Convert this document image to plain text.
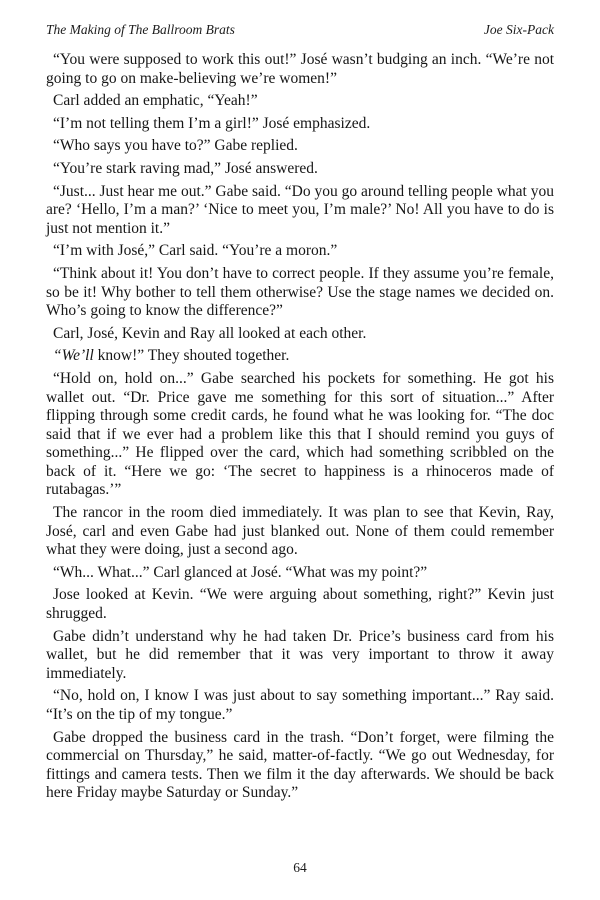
The Making of The Ballroom Brats	Joe Six-Pack

“You were supposed to work this out!” José wasn’t budging an inch. “We’re not going to go on make-believing we’re women!”

Carl added an emphatic, “Yeah!”

“I’m not telling them I’m a girl!” José emphasized.

“Who says you have to?” Gabe replied.

“You’re stark raving mad,” José answered.

“Just... Just hear me out.” Gabe said. “Do you go around telling people what you are? ‘Hello, I’m a man?’ ‘Nice to meet you, I’m male?’ No! All you have to do is just not mention it.”

“I’m with José,” Carl said. “You’re a moron.”

“Think about it! You don’t have to correct people. If they assume you’re female, so be it! Why bother to tell them otherwise? Use the stage names we decided on. Who’s going to know the difference?”

Carl, José, Kevin and Ray all looked at each other.

“We’ll know!” They shouted together.

“Hold on, hold on...” Gabe searched his pockets for something. He got his wallet out. “Dr. Price gave me something for this sort of situation...” After flipping through some credit cards, he found what he was looking for. “The doc said that if we ever had a problem like this that I should remind you guys of something...” He flipped over the card, which had something scribbled on the back of it. “Here we go: ‘The secret to happiness is a rhinoceros made of rutabagas.’”

The rancor in the room died immediately. It was plan to see that Kevin, Ray, José, carl and even Gabe had just blanked out. None of them could remember what they were doing, just a second ago.

“Wh... What...” Carl glanced at José. “What was my point?”

Jose looked at Kevin. “We were arguing about something, right?” Kevin just shrugged.

Gabe didn’t understand why he had taken Dr. Price’s business card from his wallet, but he did remember that it was very important to throw it away immediately.

“No, hold on, I know I was just about to say something important...” Ray said. “It’s on the tip of my tongue.”

Gabe dropped the business card in the trash. “Don’t forget, were filming the commercial on Thursday,” he said, matter-of-factly. “We go out Wednesday, for fittings and camera tests. Then we film it the day afterwards. We should be back here Friday maybe Saturday or Sunday.”

64
